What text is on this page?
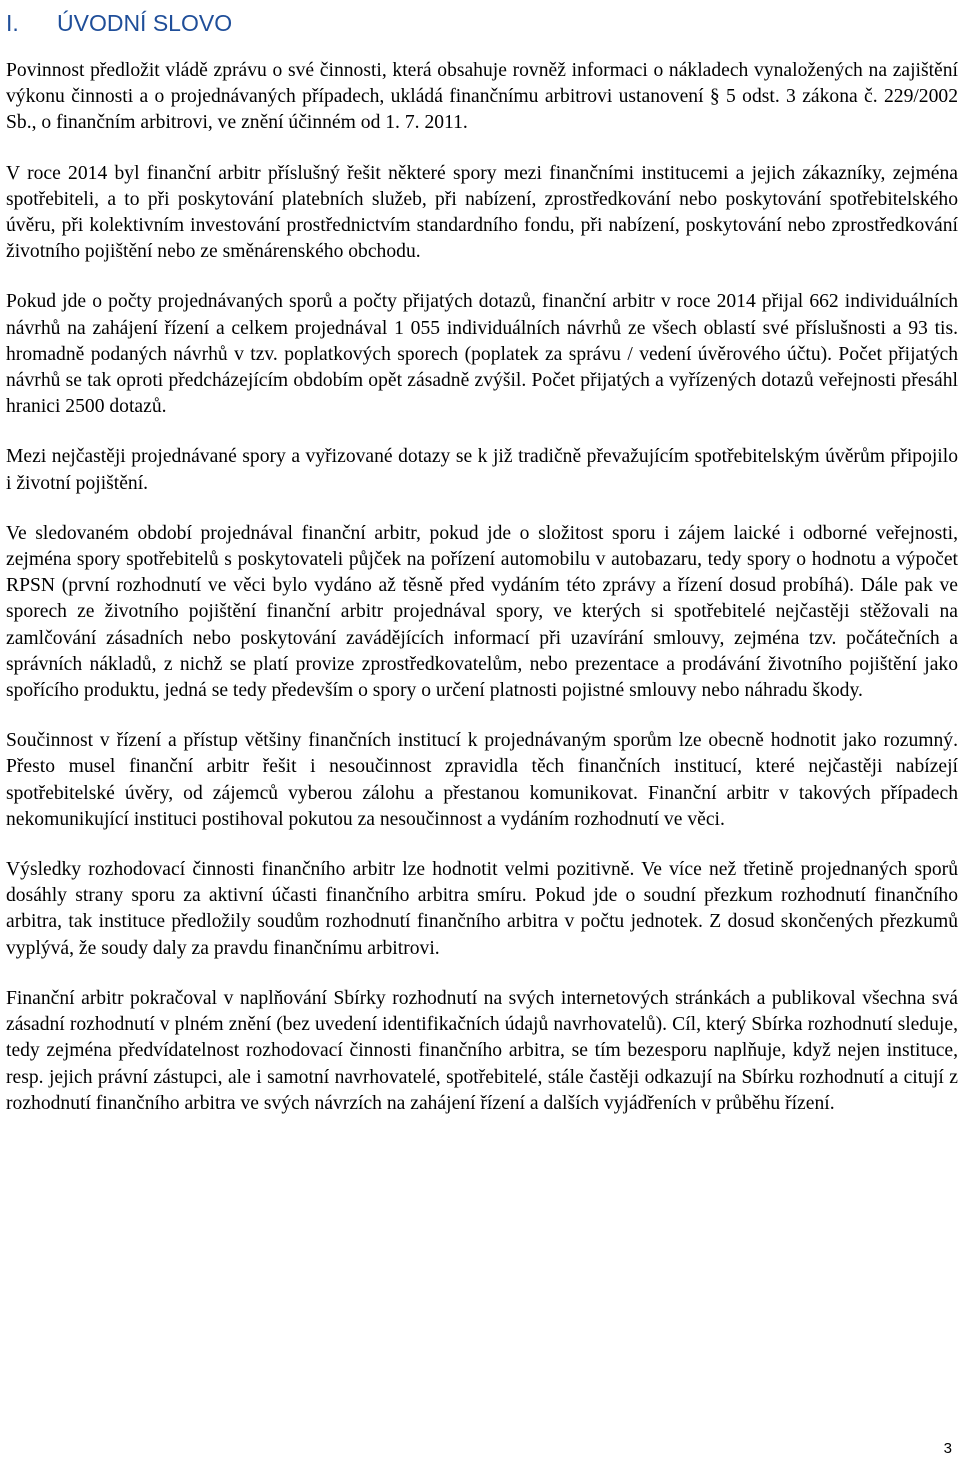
I.	ÚVODNÍ SLOVO

Povinnost předložit vládě zprávu o své činnosti, která obsahuje rovněž informaci o nákladech vynaložených na zajištění výkonu činnosti a o projednávaných případech, ukládá finančnímu arbitrovi ustanovení § 5 odst. 3 zákona č. 229/2002 Sb., o finančním arbitrovi, ve znění účinném od 1. 7. 2011.

V roce 2014 byl finanční arbitr příslušný řešit některé spory mezi finančními institucemi a jejich zákazníky, zejména spotřebiteli, a to při poskytování platebních služeb, při nabízení, zprostředkování nebo poskytování spotřebitelského úvěru, při kolektivním investování prostřednictvím standardního fondu, při nabízení, poskytování nebo zprostředkování životního pojištění nebo ze směnárenského obchodu.

Pokud jde o počty projednávaných sporů a počty přijatých dotazů, finanční arbitr v roce 2014 přijal 662 individuálních návrhů na zahájení řízení a celkem projednával 1 055 individuálních návrhů ze všech oblastí své příslušnosti a 93 tis. hromadně podaných návrhů v tzv. poplatkových sporech (poplatek za správu / vedení úvěrového účtu). Počet přijatých návrhů se tak oproti předcházejícím obdobím opět zásadně zvýšil. Počet přijatých a vyřízených dotazů veřejnosti přesáhl hranici 2500 dotazů.

Mezi nejčastěji projednávané spory a vyřizované dotazy se k již tradičně převažujícím spotřebitelským úvěrům připojilo i životní pojištění.

Ve sledovaném období projednával finanční arbitr, pokud jde o složitost sporu i zájem laické i odborné veřejnosti, zejména spory spotřebitelů s poskytovateli půjček na pořízení automobilu v autobazaru, tedy spory o hodnotu a výpočet RPSN (první rozhodnutí ve věci bylo vydáno až těsně před vydáním této zprávy a řízení dosud probíhá). Dále pak ve sporech ze životního pojištění finanční arbitr projednával spory, ve kterých si spotřebitelé nejčastěji stěžovali na zamlčování zásadních nebo poskytování zavádějících informací při uzavírání smlouvy, zejména tzv. počátečních a správních nákladů, z nichž se platí provize zprostředkovatelům, nebo prezentace a prodávání životního pojištění jako spořícího produktu, jedná se tedy především o spory o určení platnosti pojistné smlouvy nebo náhradu škody.

Součinnost v řízení a přístup většiny finančních institucí k projednávaným sporům lze obecně hodnotit jako rozumný. Přesto musel finanční arbitr řešit i nesoučinnost zpravidla těch finančních institucí, které nejčastěji nabízejí spotřebitelské úvěry, od zájemců vyberou zálohu a přestanou komunikovat. Finanční arbitr v takových případech nekomunikující instituci postihoval pokutou za nesoučinnost a vydáním rozhodnutí ve věci.

Výsledky rozhodovací činnosti finančního arbitr lze hodnotit velmi pozitivně. Ve více než třetině projednaných sporů dosáhly strany sporu za aktivní účasti finančního arbitra smíru. Pokud jde o soudní přezkum rozhodnutí finančního arbitra, tak instituce předložily soudům rozhodnutí finančního arbitra v počtu jednotek. Z dosud skončených přezkumů vyplývá, že soudy daly za pravdu finančnímu arbitrovi.

Finanční arbitr pokračoval v naplňování Sbírky rozhodnutí na svých internetových stránkách a publikoval všechna svá zásadní rozhodnutí v plném znění (bez uvedení identifikačních údajů navrhovatelů). Cíl, který Sbírka rozhodnutí sleduje, tedy zejména předvídatelnost rozhodovací činnosti finančního arbitra, se tím bezesporu naplňuje, když nejen instituce, resp. jejich právní zástupci, ale i samotní navrhovatelé, spotřebitelé, stále častěji odkazují na Sbírku rozhodnutí a citují z rozhodnutí finančního arbitra ve svých návrzích na zahájení řízení a dalších vyjádřeních v průběhu řízení.

3
